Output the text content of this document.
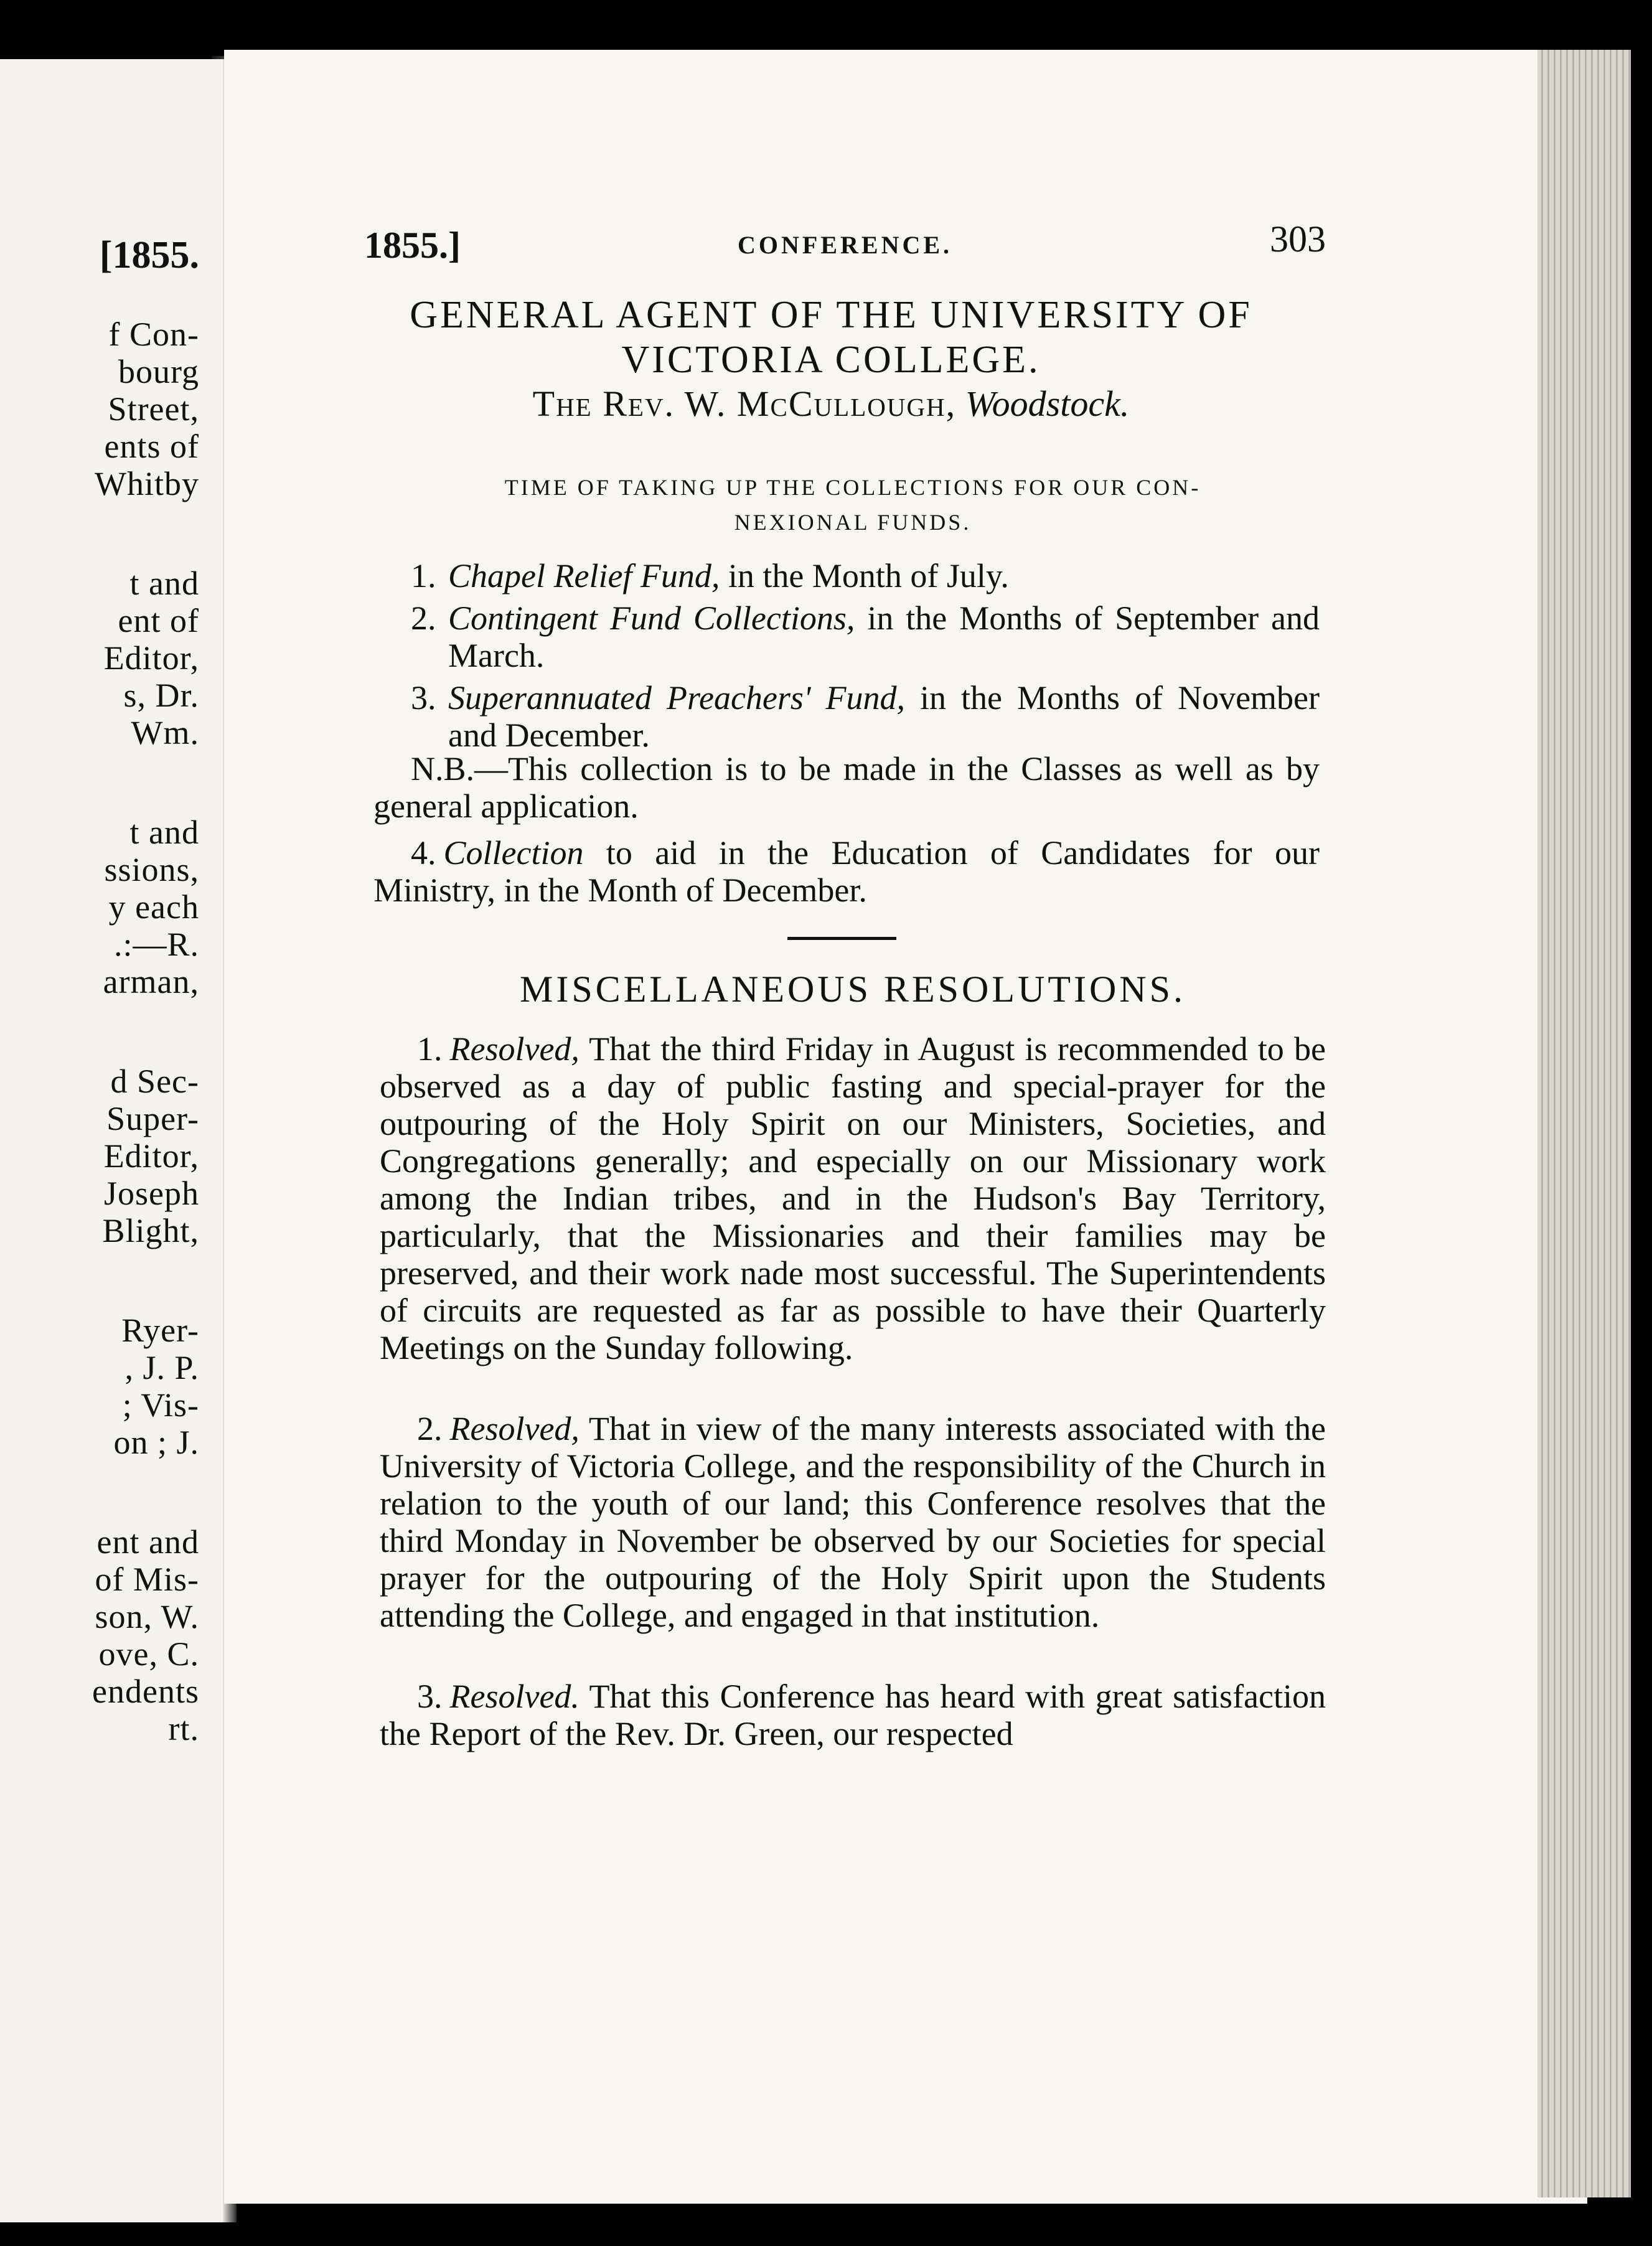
[1855.
f Con-
bourg
Street,
ents of
Whitby
t and
ent of
Editor,
s, Dr.
Wm.
t and
ssions,
y each
.:—R.
arman,
d Sec-
Super-
Editor,
Joseph
Blight,
Ryer-
, J. P.
; Vis-
on ; J.
ent and
of Mis-
son, W.
ove, C.
endents
rt.
1855.]	CONFERENCE.	303
GENERAL AGENT OF THE UNIVERSITY OF
VICTORIA COLLEGE.
The Rev. W. McCullough, Woodstock.
TIME OF TAKING UP THE COLLECTIONS FOR OUR CON-
NEXIONAL FUNDS.
1. Chapel Relief Fund, in the Month of July.
2. Contingent Fund Collections, in the Months of September and March.
3. Superannuated Preachers' Fund, in the Months of November and December.
N.B.—This collection is to be made in the Classes as well as by general application.
4. Collection to aid in the Education of Candidates for our Ministry, in the Month of December.
MISCELLANEOUS RESOLUTIONS.
1. Resolved, That the third Friday in August is recommended to be observed as a day of public fasting and special-prayer for the outpouring of the Holy Spirit on our Ministers, Societies, and Congregations generally; and especially on our Missionary work among the Indian tribes, and in the Hudson's Bay Territory, particularly, that the Missionaries and their families may be preserved, and their work nade most successful. The Superintendents of circuits are requested as far as possible to have their Quarterly Meetings on the Sunday following.
2. Resolved, That in view of the many interests associated with the University of Victoria College, and the responsibility of the Church in relation to the youth of our land; this Conference resolves that the third Monday in November be observed by our Societies for special prayer for the outpouring of the Holy Spirit upon the Students attending the College, and engaged in that institution.
3. Resolved. That this Conference has heard with great satisfaction the Report of the Rev. Dr. Green, our respected
